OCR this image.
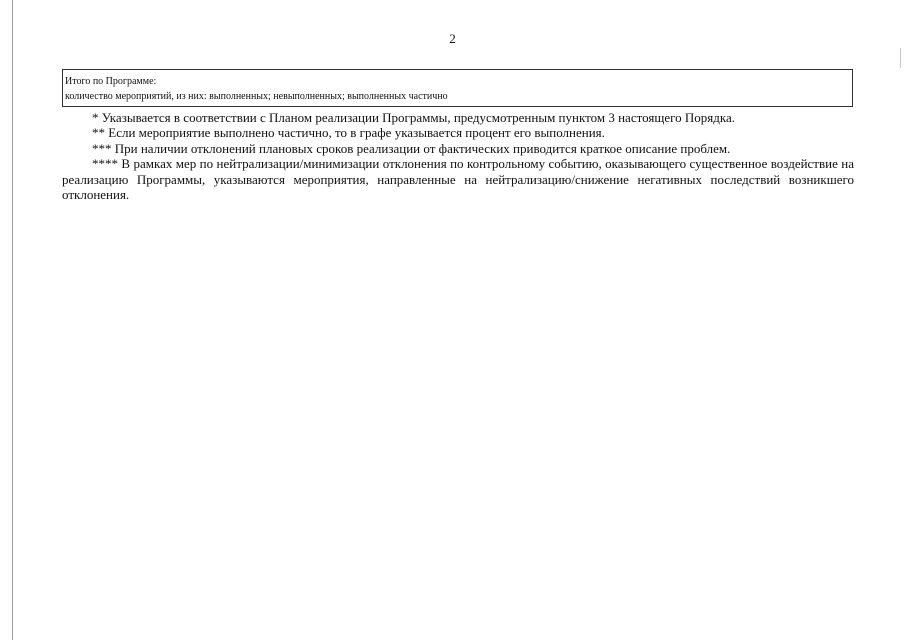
2
Итого по Программе:
количество мероприятий, из них: выполненных; невыполненных; выполненных частично

* Указывается в соответствии с Планом реализации Программы, предусмотренным пунктом 3 настоящего Порядка.

** Если мероприятие выполнено частично, то в графе указывается процент его выполнения.

*** При наличии отклонений плановых сроков реализации от фактических приводится краткое описание проблем.

**** В рамках мер по нейтрализации/минимизации отклонения по контрольному событию, оказывающего существенное воздействие на реализацию Программы, указываются мероприятия, направленные на нейтрализацию/снижение негативных последствий возникшего отклонения.
